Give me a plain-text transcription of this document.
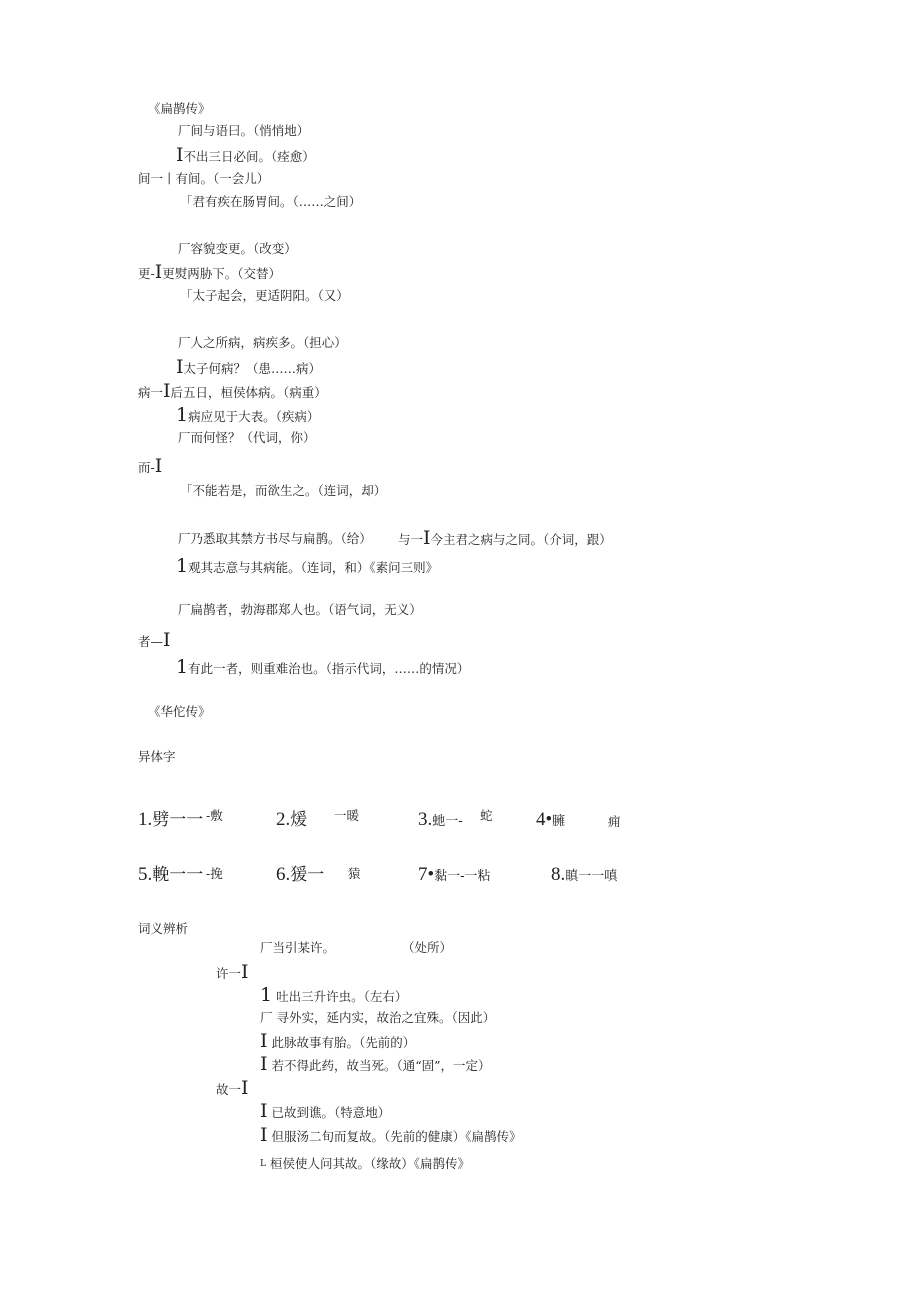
《扁鹊传》
厂间与语曰。（悄悄地）
I不出三日必间。（痊愈）
间一丨有间。（一会儿）
「君有疾在肠胃间。（……之间）
厂容貌变更。（改变）
更-I更熨两胁下。（交替）
「太子起会，更适阴阳。（又）
厂人之所病，病疾多。（担心）
I太子何病？（患……病）
病一I后五日，桓侯体病。（病重）
1病应见于大表。（疾病）
厂而何怪？（代词，你）
而-I
「不能若是，而欲生之。（连词，却）
厂乃悉取其禁方书尽与扁鹊。（给） 与一I今主君之病与之同。（介词，跟）
1观其志意与其病能。（连词，和）《素问三则》
厂扁鹊者，勃海郡郑人也。（语气词，无义）
者—I
1有此一者，则重难治也。（指示代词，……的情况）
《华佗传》
异体字
1.劈一一 -敷	2.煖 一暖	3.虵一- 蛇 4•臃	痈
5.輓一一 -挽	6.猨一 猿	7•黏一-一粘	8.瞋一一嗔
词义辨析
厂当引某许。	（处所）
许一I
1 吐出三升许虫。（左右）
厂 寻外实，延内实，故治之宜殊。（因此）
I 此脉故事有胎。（先前的）
I 若不得此药，故当死。（通“固”，一定）
故一I
I 已故到谯。（特意地）
I 但服汤二旬而复故。（先前的健康）《扁鹊传》
$^L$ 桓侯使人问其故。（缘故）《扁鹊传》
